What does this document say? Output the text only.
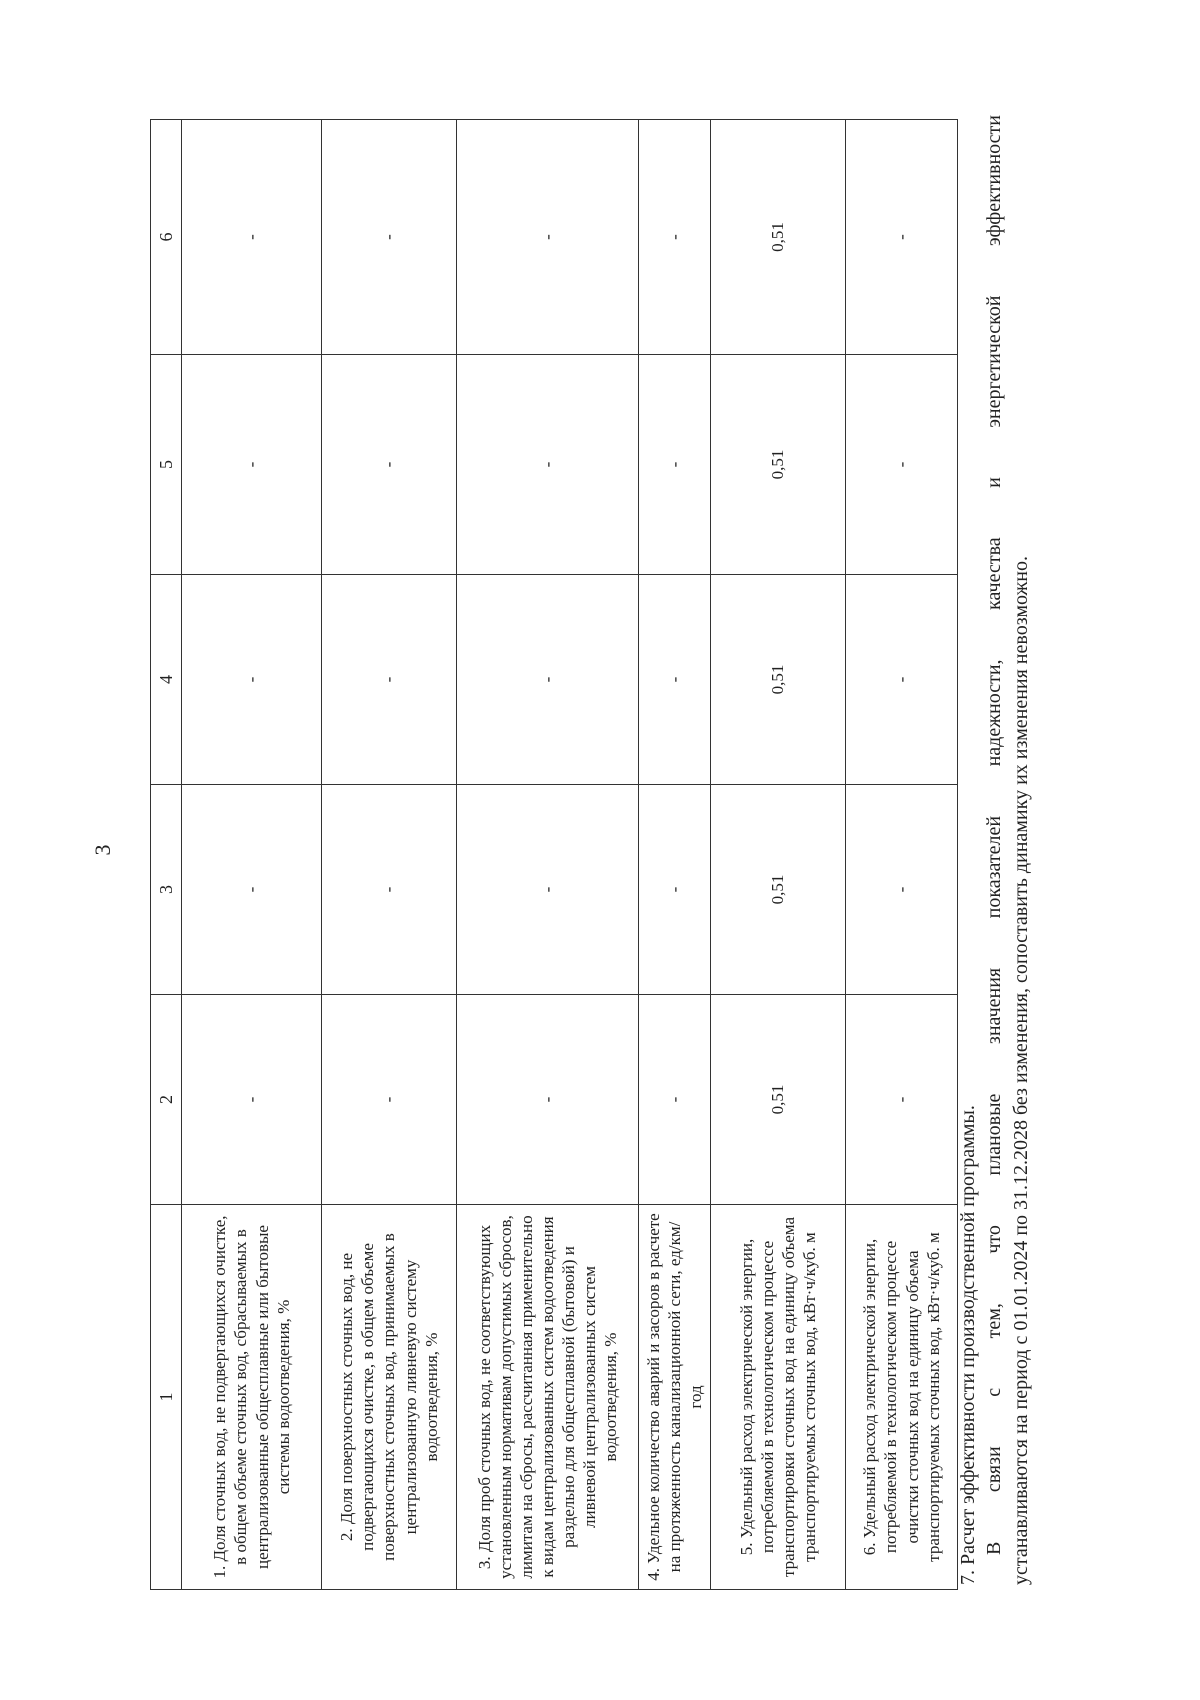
3
1	2	3	4	5	6
1. Доля сточных вод, не подвергающихся очистке, в общем объеме сточных вод, сбрасываемых в централизованные общесплавные или бытовые системы водоотведения, %	-	-	-	-	-
2. Доля поверхностных сточных вод, не подвергающихся очистке, в общем объеме поверхностных сточных вод, принимаемых в централизованную ливневую систему водоотведения, %	-	-	-	-	-
3. Доля проб сточных вод, не соответствующих установленным нормативам допустимых сбросов, лимитам на сбросы, рассчитанная применительно к видам централизованных систем водоотведения раздельно для общесплавной (бытовой) и ливневой централизованных систем водоотведения, %	-	-	-	-	-
4. Удельное количество аварий и засоров в расчете на протяженность канализационной сети, ед/км/год	-	-	-	-	-
5. Удельный расход электрической энергии, потребляемой в технологическом процессе транспортировки сточных вод на единицу объема транспортируемых сточных вод, кВт·ч/куб. м	0,51	0,51	0,51	0,51	0,51
6. Удельный расход электрической энергии, потребляемой в технологическом процессе очистки сточных вод на единицу объема транспортируемых сточных вод, кВт·ч/куб. м	-	-	-	-	-

7. Расчет эффективности производственной программы. В связи с тем, что плановые значения показателей надежности, качества и энергетической эффективности устанавливаются на период с 01.01.2024 по 31.12.2028 без изменения, сопоставить динамику их изменения невозможно.
